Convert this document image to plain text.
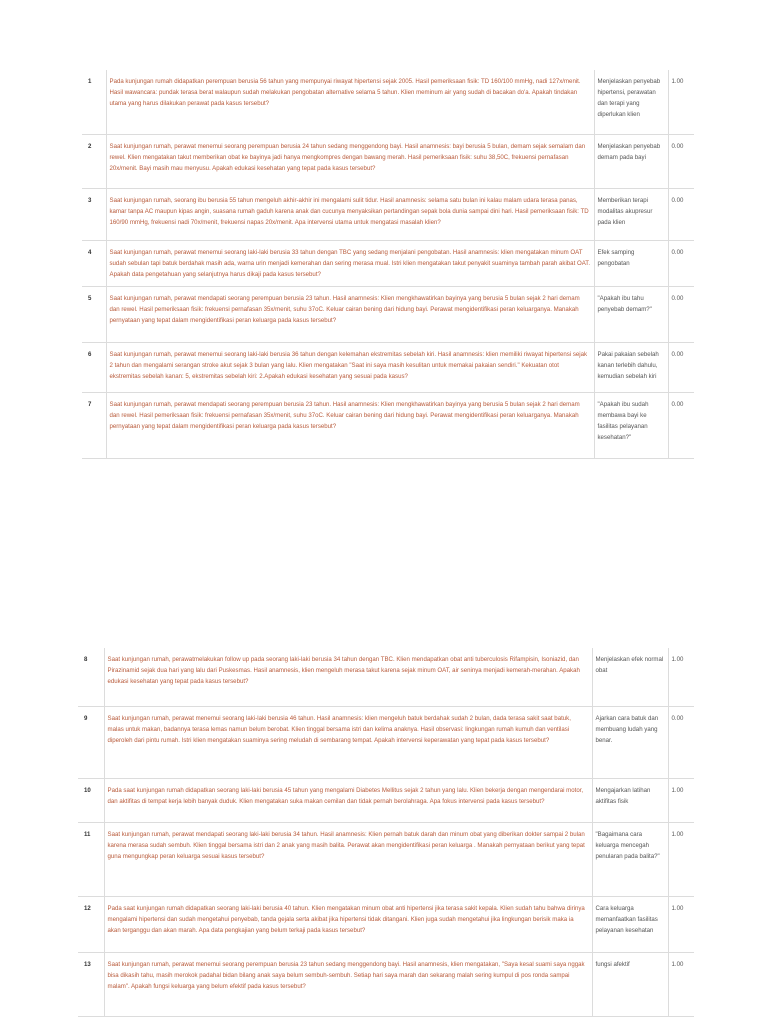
1	Pada kunjungan rumah didapatkan perempuan berusia 56 tahun yang mempunyai riwayat hipertensi sejak 2005. Hasil pemeriksaan fisik: TD 160/100 mmHg, nadi 127x/menit. Hasil wawancara: pundak terasa berat walaupun sudah melakukan pengobatan alternative selama 5 tahun. Klien meminum air yang sudah di bacakan do'a. Apakah tindakan utama yang harus dilakukan perawat pada kasus tersebut?	Menjelaskan penyebab hipertensi, perawatan dan terapi yang diperlukan klien	1.00
2	Saat kunjungan rumah, perawat menemui seorang perempuan berusia 24 tahun sedang menggendong bayi. Hasil anamnesis: bayi berusia 5 bulan, demam sejak semalam dan rewel. Klien mengatakan takut memberikan obat ke bayinya jadi hanya mengkompres dengan bawang merah. Hasil pemeriksaan fisik: suhu 38,50C, frekuensi pernafasan 20x/menit. Bayi masih mau menyusu. Apakah edukasi kesehatan yang tepat pada kasus tersebut?	Menjelaskan penyebab demam pada bayi	0.00
3	Saat kunjungan rumah, seorang ibu berusia 55 tahun mengeluh akhir-akhir ini mengalami sulit tidur. Hasil anamnesis: selama satu bulan ini kalau malam udara terasa panas, kamar tanpa AC maupun kipas angin, suasana rumah gaduh karena anak dan cucunya menyaksikan pertandingan sepak bola dunia sampai dini hari. Hasil pemeriksaan fisik: TD 160/90 mmHg, frekuensi nadi 70x/menit, frekuensi napas 20x/menit. Apa intervensi utama untuk mengatasi masalah klien?	Memberikan terapi modalitas akupresur pada klien	0.00
4	Saat kunjungan rumah, perawat menemui seorang laki-laki berusia 33 tahun dengan TBC yang sedang menjalani pengobatan. Hasil anamnesis: klien mengatakan minum OAT sudah sebulan tapi batuk berdahak masih ada, warna urin menjadi kemerahan dan sering merasa mual. Istri klien mengatakan takut penyakit suaminya tambah parah akibat OAT. Apakah data pengetahuan yang selanjutnya harus dikaji pada kasus tersebut?	Efek samping pengobatan	0.00
5	Saat kunjungan rumah, perawat mendapati seorang perempuan berusia 23 tahun. Hasil anamnesis: Klien mengkhawatirkan bayinya yang berusia 5 bulan sejak 2 hari demam dan rewel. Hasil pemeriksaan fisik: frekuensi pernafasan 35x/menit, suhu 37oC. Keluar cairan bening dari hidung bayi. Perawat mengidentifikasi peran keluarganya. Manakah pernyataan yang tepat dalam mengidentifikasi peran keluarga pada kasus tersebut?	"Apakah ibu tahu penyebab demam?"	0.00
6	Saat kunjungan rumah, perawat menemui seorang laki-laki berusia 36 tahun dengan kelemahan ekstremitas sebelah kiri. Hasil anamnesis: klien memiliki riwayat hipertensi sejak 2 tahun dan mengalami serangan stroke akut sejak 3 bulan yang lalu. Klien mengatakan "Saat ini saya masih kesulitan untuk memakai pakaian sendiri." Kekuatan otot ekstremitas sebelah kanan: 5, ekstremitas sebelah kiri: 2.Apakah edukasi kesehatan yang sesuai pada kasus?	Pakai pakaian sebelah kanan terlebih dahulu, kemudian sebelah kiri	0.00
7	Saat kunjungan rumah, perawat mendapati seorang perempuan berusia 23 tahun. Hasil anamnesis: Klien mengkhawatirkan bayinya yang berusia 5 bulan sejak 2 hari demam dan rewel. Hasil pemeriksaan fisik: frekuensi pernafasan 35x/menit, suhu 37oC. Keluar cairan bening dari hidung bayi. Perawat mengidentifikasi peran keluarganya. Manakah pernyataan yang tepat dalam mengidentifikasi peran keluarga pada kasus tersebut?	"Apakah ibu sudah membawa bayi ke fasilitas pelayanan kesehatan?"	0.00
8	Saat kunjungan rumah, perawatmelakukan follow up pada seorang laki-laki berusia 34 tahun dengan TBC. Klien mendapatkan obat anti tuberculosis Rifampisin, Isoniazid, dan Pirazinamid sejak dua hari yang lalu dari Puskesmas. Hasil anamnesis, klien mengeluh merasa takut karena sejak minum OAT, air seninya menjadi kemerah-merahan. Apakah edukasi kesehatan yang tepat pada kasus tersebut?	Menjelaskan efek normal obat	1.00
9	Saat kunjungan rumah, perawat menemui seorang laki-laki berusia 46 tahun. Hasil anamnesis: klien mengeluh batuk berdahak sudah 2 bulan, dada terasa sakit saat batuk, malas untuk makan, badannya terasa lemas namun belum berobat. Klien tinggal bersama istri dan kelima anaknya. Hasil observasi: lingkungan rumah kumuh dan ventilasi diperoleh dari pintu rumah. Istri klien mengatakan suaminya sering meludah di sembarang tempat. Apakah intervensi keperawatan yang tepat pada kasus tersebut?	Ajarkan cara batuk dan membuang ludah yang benar.	0.00
10	Pada saat kunjungan rumah didapatkan seorang laki-laki berusia 45 tahun yang mengalami Diabetes Mellitus sejak 2 tahun yang lalu. Klien bekerja dengan mengendarai motor, dan aktifitas di tempat kerja lebih banyak duduk. Klien mengatakan suka makan cemilan dan tidak pernah berolahraga. Apa fokus intervensi pada kasus tersebut?	Mengajarkan latihan aktifitas fisik	1.00
11	Saat kunjungan rumah, perawat mendapati seorang laki-laki berusia 34 tahun. Hasil anamnesis: Klien pernah batuk darah dan minum obat yang diberikan dokter sampai 2 bulan karena merasa sudah sembuh. Klien tinggal bersama istri dan 2 anak yang masih balita. Perawat akan mengidentifikasi peran keluarga . Manakah pernyataan berikut yang tepat guna mengungkap peran keluarga sesuai kasus tersebut?	"Bagaimana cara keluarga mencegah penularan pada balita?"	1.00
12	Pada saat kunjungan rumah didapatkan seorang laki-laki berusia 40 tahun. Klien mengatakan minum obat anti hipertensi jika terasa sakit kepala. Klien sudah tahu bahwa dirinya mengalami hipertensi dan sudah mengetahui penyebab, tanda gejala serta akibat jika hipertensi tidak ditangani. Klien juga sudah mengetahui jika lingkungan berisik maka ia akan terganggu dan akan marah. Apa data pengkajian yang belum terkaji pada kasus tersebut?	Cara keluarga memanfaatkan fasilitas pelayanan kesehatan	1.00
13	Saat kunjungan rumah, perawat menemui seorang perempuan berusia 23 tahun sedang menggendong bayi. Hasil anamnesis, klien mengatakan, "Saya kesal suami saya nggak bisa dikasih tahu, masih merokok padahal bidan bilang anak saya belum sembuh-sembuh. Setiap hari saya marah dan sekarang malah sering kumpul di pos ronda sampai malam". Apakah fungsi keluarga yang belum efektif pada kasus tersebut?	fungsi afektif	1.00
